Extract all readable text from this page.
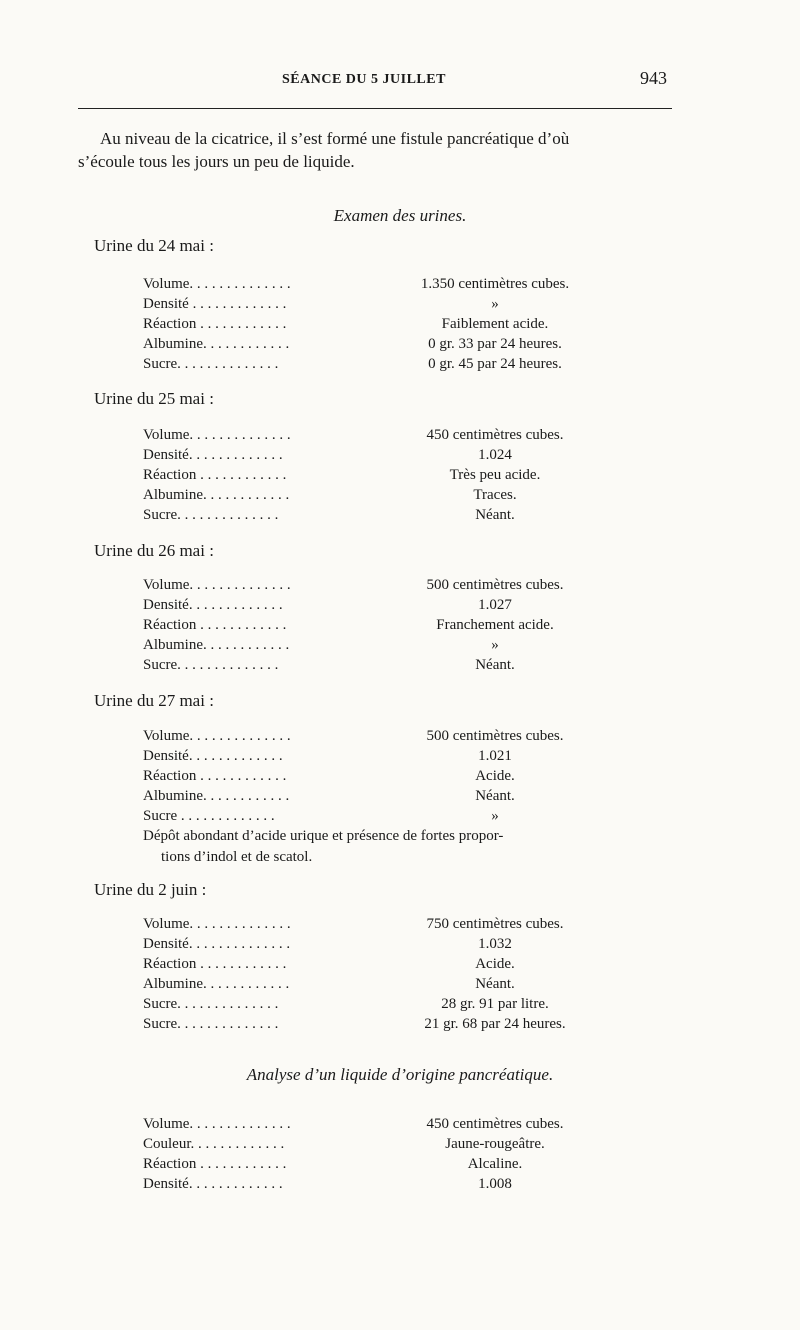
SÉANCE DU 5 JUILLET	943
Au niveau de la cicatrice, il s’est formé une fistule pancréatique d’où
s’écoule tous les jours un peu de liquide.
Examen des urines.
Urine du 24 mai :
Volume. . . . . . . . . . . . . .	1.350 centimètres cubes.
Densité . . . . . . . . . . . . .	»
Réaction . . . . . . . . . . . .	Faiblement acide.
Albumine. . . . . . . . . . . .	0 gr. 33 par 24 heures.
Sucre. . . . . . . . . . . . . .	0 gr. 45 par 24 heures.
Urine du 25 mai :
Volume. . . . . . . . . . . . . .	450 centimètres cubes.
Densité. . . . . . . . . . . . .	1.024
Réaction . . . . . . . . . . . .	Très peu acide.
Albumine. . . . . . . . . . . .	Traces.
Sucre. . . . . . . . . . . . . .	Néant.
Urine du 26 mai :
Volume. . . . . . . . . . . . . .	500 centimètres cubes.
Densité. . . . . . . . . . . . .	1.027
Réaction . . . . . . . . . . . .	Franchement acide.
Albumine. . . . . . . . . . . .	»
Sucre. . . . . . . . . . . . . .	Néant.
Urine du 27 mai :
Volume. . . . . . . . . . . . . .	500 centimètres cubes.
Densité. . . . . . . . . . . . .	1.021
Réaction . . . . . . . . . . . .	Acide.
Albumine. . . . . . . . . . . .	Néant.
Sucre . . . . . . . . . . . . .	»
Dépôt abondant d’acide urique et présence de fortes propor-
tions d’indol et de scatol.
Urine du 2 juin :
Volume. . . . . . . . . . . . . .	750 centimètres cubes.
Densité. . . . . . . . . . . . . .	1.032
Réaction . . . . . . . . . . . .	Acide.
Albumine. . . . . . . . . . . .	Néant.
Sucre. . . . . . . . . . . . . .	28 gr. 91 par litre.
Sucre. . . . . . . . . . . . . .	21 gr. 68 par 24 heures.
Analyse d’un liquide d’origine pancréatique.
Volume. . . . . . . . . . . . . .	450 centimètres cubes.
Couleur. . . . . . . . . . . . .	Jaune-rougeâtre.
Réaction . . . . . . . . . . . .	Alcaline.
Densité. . . . . . . . . . . . .	1.008
